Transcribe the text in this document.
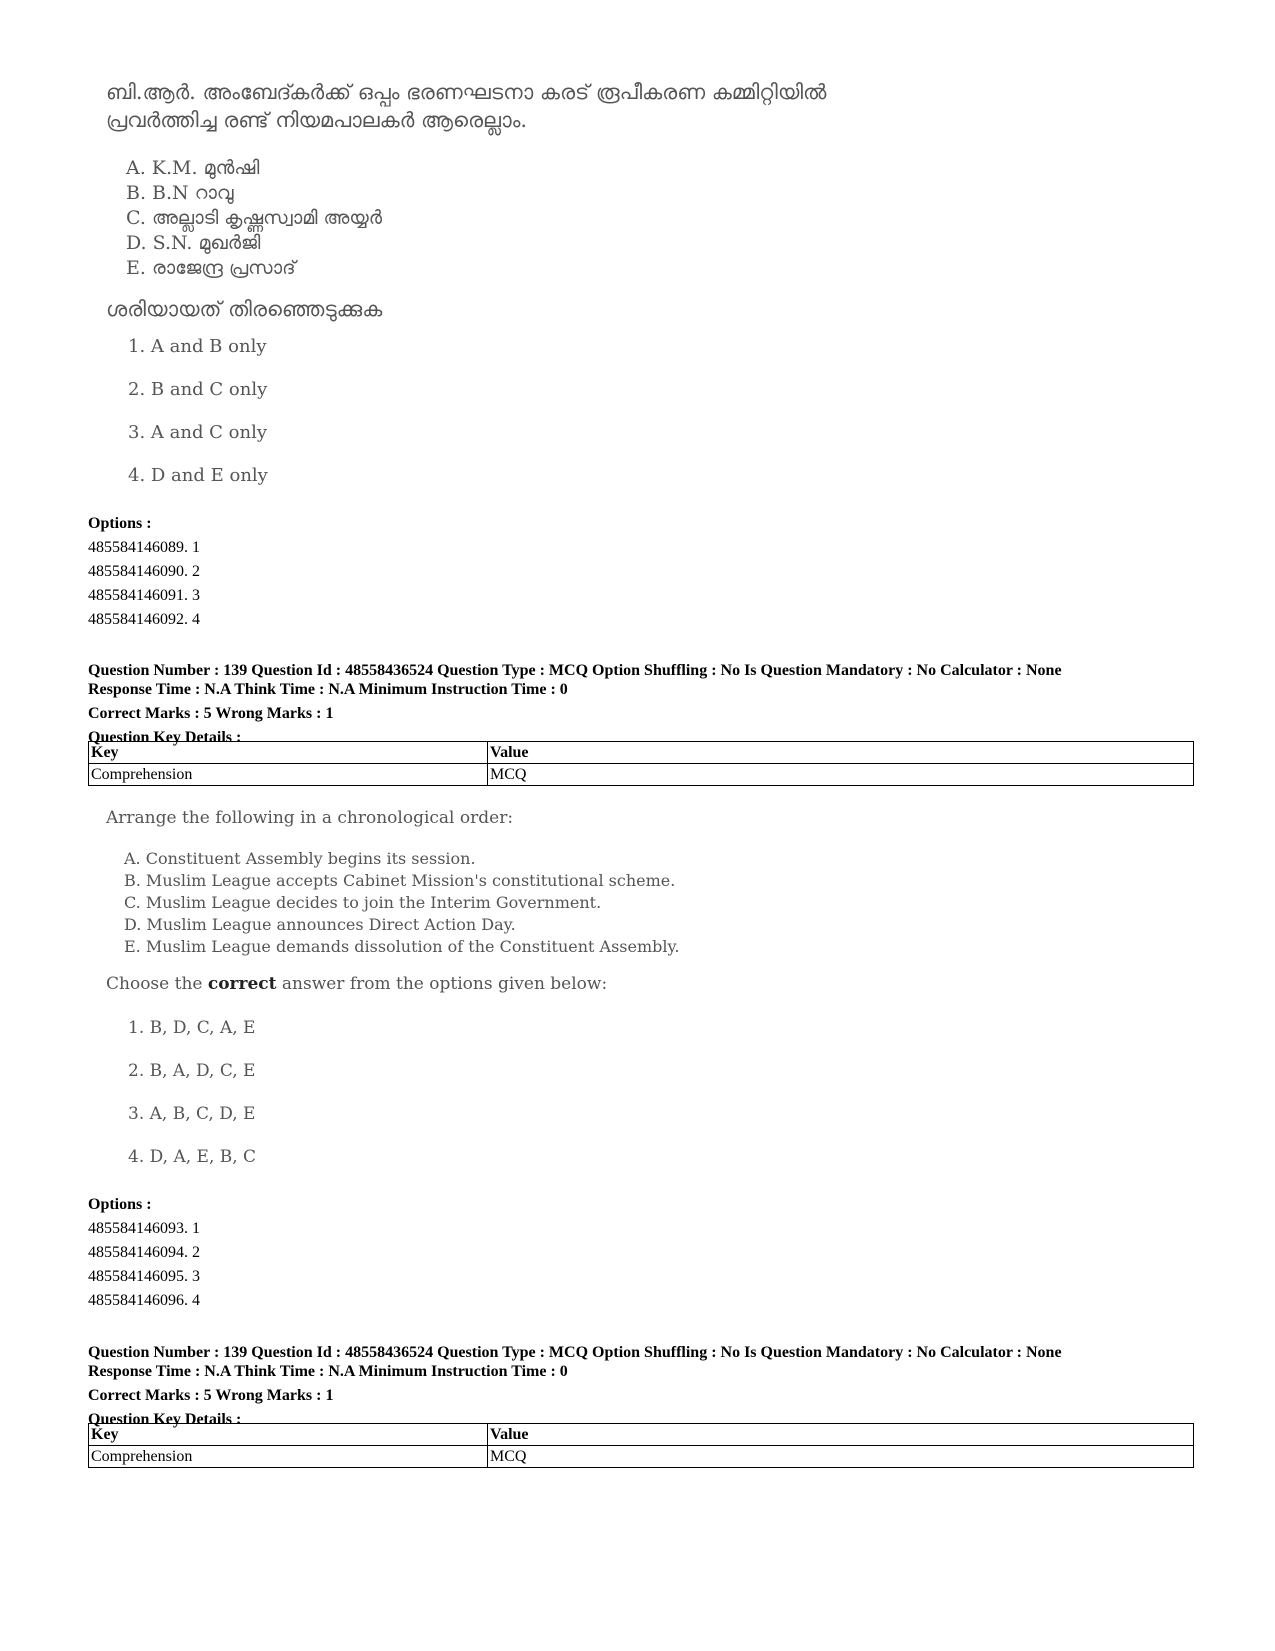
ബി.ആർ. അംബേദ്കർക്ക് ഒപ്പം ഭരണഘടനാ കരട് രൂപീകരണ കമ്മിറ്റിയിൽ
പ്രവർത്തിച്ച രണ്ട് നിയമപാലകർ ആരെല്ലാം.
A. K.M. മുൻഷി
B. B.N റാവു
C. അല്ലാടി കൃഷ്ണസ്വാമി അയ്യർ
D. S.N. മുഖർജി
E. രാജേന്ദ്ര പ്രസാദ്
ശരിയായത് തിരഞ്ഞെടുക്കുക
1. A and B only
2. B and C only
3. A and C only
4. D and E only
Options :
485584146089. 1
485584146090. 2
485584146091. 3
485584146092. 4
Question Number : 139 Question Id : 48558436524 Question Type : MCQ Option Shuffling : No Is Question Mandatory : No Calculator : None
Response Time : N.A Think Time : N.A Minimum Instruction Time : 0
Correct Marks : 5 Wrong Marks : 1
Question Key Details :
Key	Value
Comprehension	MCQ
Arrange the following in a chronological order:
A. Constituent Assembly begins its session.
B. Muslim League accepts Cabinet Mission's constitutional scheme.
C. Muslim League decides to join the Interim Government.
D. Muslim League announces Direct Action Day.
E. Muslim League demands dissolution of the Constituent Assembly.
Choose the correct answer from the options given below:
1. B, D, C, A, E
2. B, A, D, C, E
3. A, B, C, D, E
4. D, A, E, B, C
Options :
485584146093. 1
485584146094. 2
485584146095. 3
485584146096. 4
Question Number : 139 Question Id : 48558436524 Question Type : MCQ Option Shuffling : No Is Question Mandatory : No Calculator : None
Response Time : N.A Think Time : N.A Minimum Instruction Time : 0
Correct Marks : 5 Wrong Marks : 1
Question Key Details :
Key	Value
Comprehension	MCQ
